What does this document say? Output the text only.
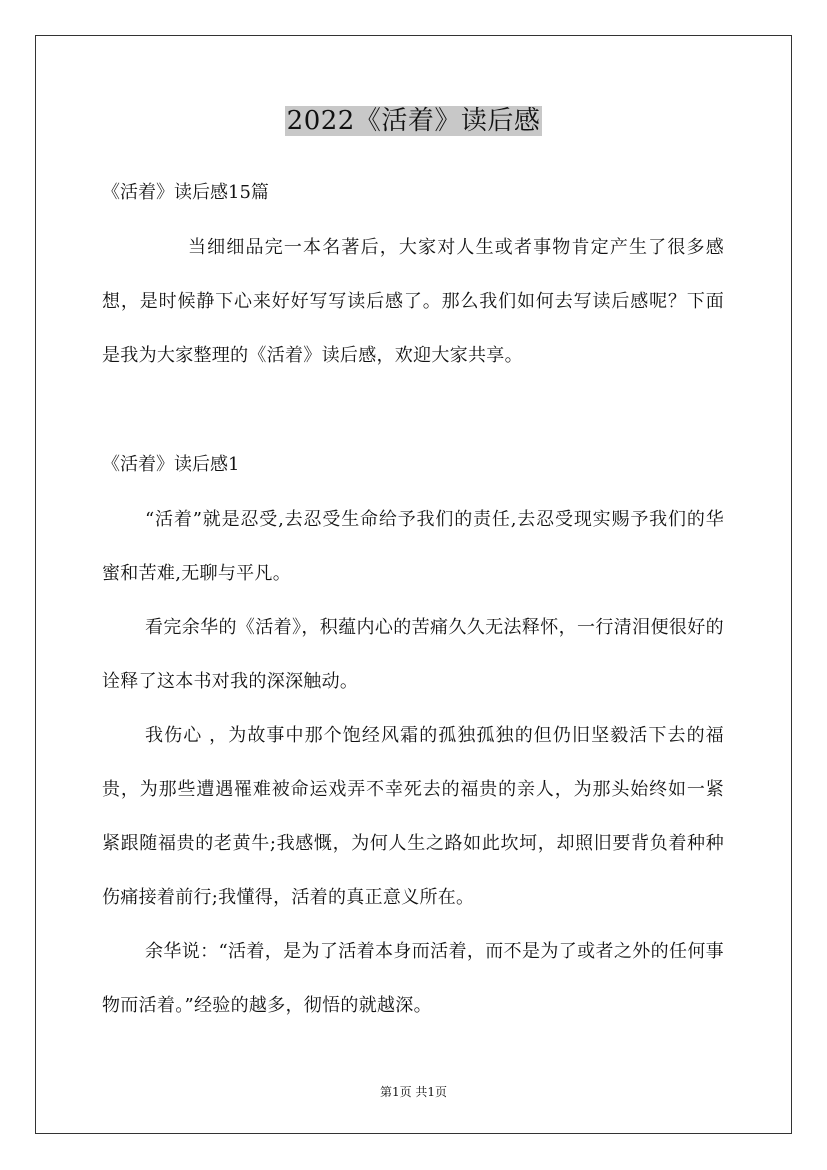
2022《活着》读后感
《活着》读后感15篇
当细细品完一本名著后，大家对人生或者事物肯定产生了很多感想，是时候静下心来好好写写读后感了。那么我们如何去写读后感呢？下面是我为大家整理的《活着》读后感，欢迎大家共享。
《活着》读后感1
“活着”就是忍受,去忍受生命给予我们的责任,去忍受现实赐予我们的华蜜和苦难,无聊与平凡。
看完余华的《活着》，积蕴内心的苦痛久久无法释怀，一行清泪便很好的诠释了这本书对我的深深触动。
我伤心 ，为故事中那个饱经风霜的孤独孤独的但仍旧坚毅活下去的福贵，为那些遭遇罹难被命运戏弄不幸死去的福贵的亲人，为那头始终如一紧紧跟随福贵的老黄牛;我感慨，为何人生之路如此坎坷，却照旧要背负着种种伤痛接着前行;我懂得，活着的真正意义所在。
余华说：“活着，是为了活着本身而活着，而不是为了或者之外的任何事物而活着。”经验的越多，彻悟的就越深。
第1页 共1页
